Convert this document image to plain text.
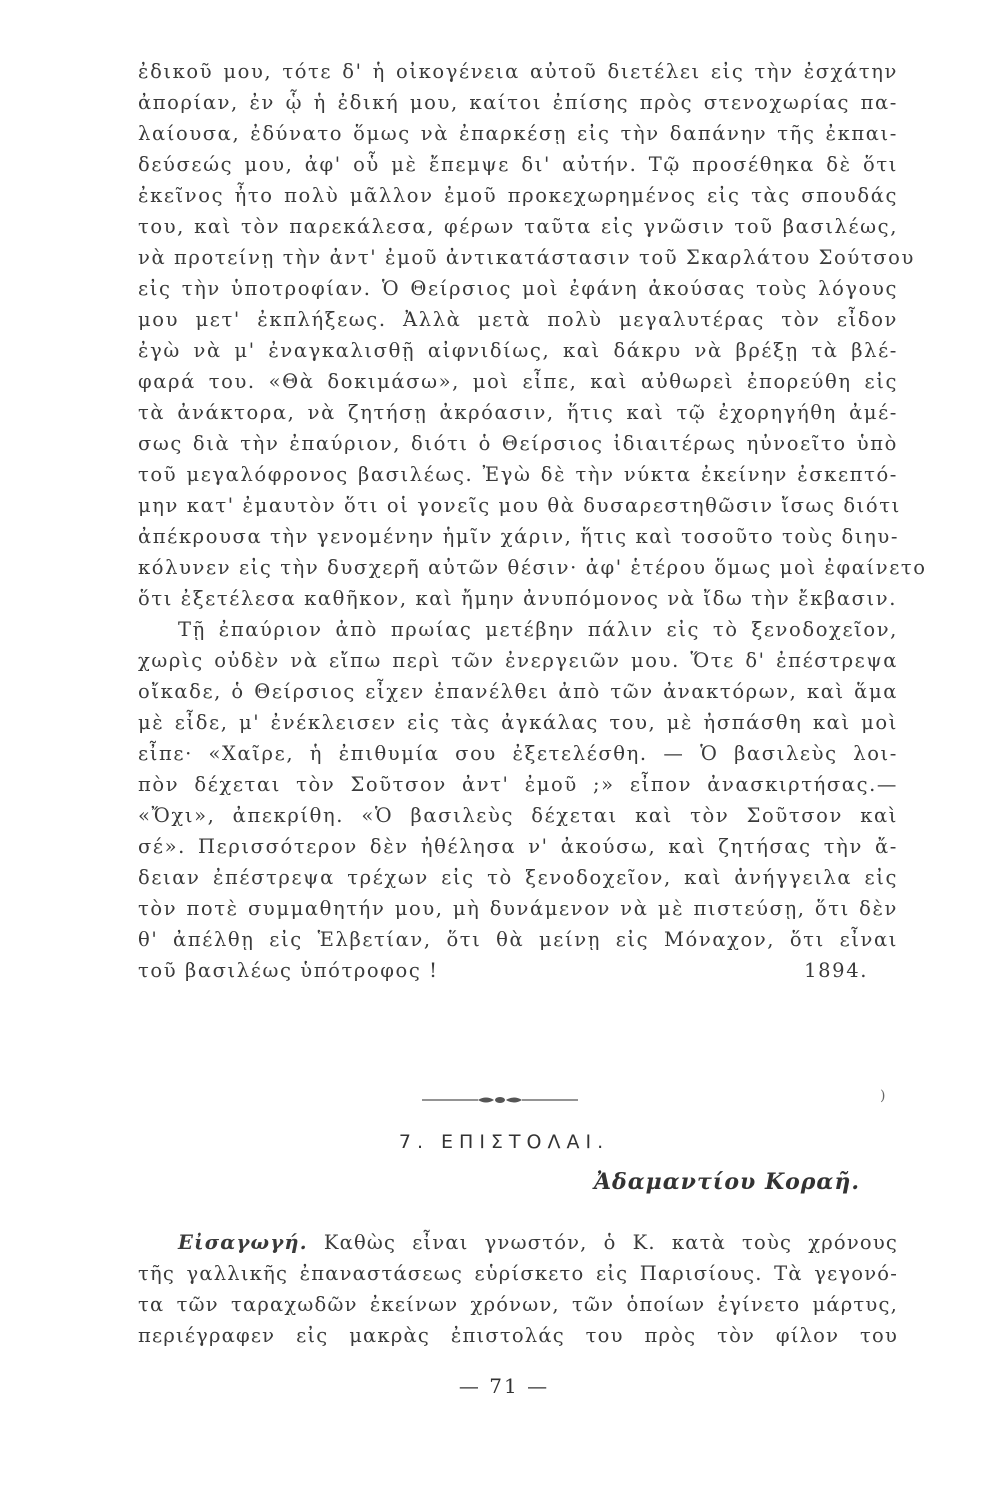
ἐδικοῦ μου, τότε δ' ἡ οἰκογένεια αὐτοῦ διετέλει εἰς τὴν ἐσχάτην
ἀπορίαν, ἐν ᾧ ἡ ἐδική μου, καίτοι ἐπίσης πρὸς στενοχωρίας πα-
λαίουσα, ἐδύνατο ὅμως νὰ ἐπαρκέσῃ εἰς τὴν δαπάνην τῆς ἐκπαι-
δεύσεώς μου, ἀφ' οὗ μὲ ἔπεμψε δι' αὐτήν. Τῷ προσέθηκα δὲ ὅτι
ἐκεῖνος ἦτο πολὺ μᾶλλον ἐμοῦ προκεχωρημένος εἰς τὰς σπουδάς
του, καὶ τὸν παρεκάλεσα, φέρων ταῦτα εἰς γνῶσιν τοῦ βασιλέως,
νὰ προτείνῃ τὴν ἀντ' ἐμοῦ ἀντικατάστασιν τοῦ Σκαρλάτου Σούτσου
εἰς τὴν ὑποτροφίαν. Ὁ Θείρσιος μοὶ ἐφάνη ἀκούσας τοὺς λόγους
μου μετ' ἐκπλήξεως. Ἀλλὰ μετὰ πολὺ μεγαλυτέρας τὸν εἶδον
ἐγὼ νὰ μ' ἐναγκαλισθῇ αἰφνιδίως, καὶ δάκρυ νὰ βρέξῃ τὰ βλέ-
φαρά του. «Θὰ δοκιμάσω», μοὶ εἶπε, καὶ αὐθωρεὶ ἐπορεύθη εἰς
τὰ ἀνάκτορα, νὰ ζητήσῃ ἀκρόασιν, ἥτις καὶ τῷ ἐχορηγήθη ἀμέ-
σως διὰ τὴν ἐπαύριον, διότι ὁ Θείρσιος ἰδιαιτέρως ηὐνοεῖτο ὑπὸ
τοῦ μεγαλόφρονος βασιλέως. Ἐγὼ δὲ τὴν νύκτα ἐκείνην ἐσκεπτό-
μην κατ' ἐμαυτὸν ὅτι οἱ γονεῖς μου θὰ δυσαρεστηθῶσιν ἴσως διότι
ἀπέκρουσα τὴν γενομένην ἡμῖν χάριν, ἥτις καὶ τοσοῦτο τοὺς διηυ-
κόλυνεν εἰς τὴν δυσχερῆ αὐτῶν θέσιν· ἀφ' ἑτέρου ὅμως μοὶ ἐφαίνετο
ὅτι ἐξετέλεσα καθῆκον, καὶ ἤμην ἀνυπόμονος νὰ ἴδω τὴν ἔκβασιν.
Τῇ ἐπαύριον ἀπὸ πρωίας μετέβην πάλιν εἰς τὸ ξενοδοχεῖον,
χωρὶς οὐδὲν νὰ εἴπω περὶ τῶν ἐνεργειῶν μου. Ὅτε δ' ἐπέστρεψα
οἴκαδε, ὁ Θείρσιος εἶχεν ἐπανέλθει ἀπὸ τῶν ἀνακτόρων, καὶ ἅμα
μὲ εἶδε, μ' ἐνέκλεισεν εἰς τὰς ἀγκάλας του, μὲ ἠσπάσθη καὶ μοὶ
εἶπε· «Χαῖρε, ἡ ἐπιθυμία σου ἐξετελέσθη. — Ὁ βασιλεὺς λοι-
πὸν δέχεται τὸν Σοῦτσον ἀντ' ἐμοῦ ;» εἶπον ἀνασκιρτήσας.—
«Ὄχι», ἀπεκρίθη. «Ὁ βασιλεὺς δέχεται καὶ τὸν Σοῦτσον καὶ
σέ». Περισσότερον δὲν ἠθέλησα ν' ἀκούσω, καὶ ζητήσας τὴν ἄ-
δειαν ἐπέστρεψα τρέχων εἰς τὸ ξενοδοχεῖον, καὶ ἀνήγγειλα εἰς
τὸν ποτὲ συμμαθητήν μου, μὴ δυνάμενον νὰ μὲ πιστεύσῃ, ὅτι δὲν
θ' ἀπέλθῃ εἰς Ἑλβετίαν, ὅτι θὰ μείνῃ εἰς Μόναχον, ὅτι εἶναι
τοῦ βασιλέως ὑπότροφος !	1894.
)
7. ΕΠΙΣΤΟΛΑΙ.
Ἀδαμαντίου Κοραῆ.
Εἰσαγωγή. Καθὼς εἶναι γνωστόν, ὁ Κ. κατὰ τοὺς χρόνους
τῆς γαλλικῆς ἐπαναστάσεως εὑρίσκετο εἰς Παρισίους. Τὰ γεγονό-
τα τῶν ταραχωδῶν ἐκείνων χρόνων, τῶν ὁποίων ἐγίνετο μάρτυς,
περιέγραφεν εἰς μακρὰς ἐπιστολάς του πρὸς τὸν φίλον του
— 71 —
